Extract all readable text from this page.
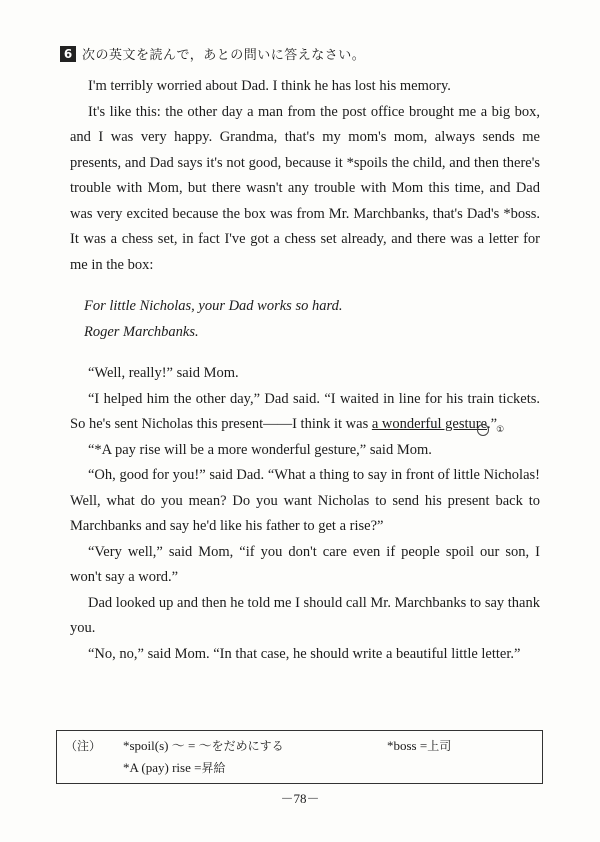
6 次の英文を読んで，あとの問いに答えなさい。

I'm terribly worried about Dad. I think he has lost his memory.

It's like this: the other day a man from the post office brought me a big box, and I was very happy. Grandma, that's my mom's mom, always sends me presents, and Dad says it's not good, because it *spoils the child, and then there's trouble with Mom, but there wasn't any trouble with Mom this time, and Dad was very excited because the box was from Mr. Marchbanks, that's Dad's *boss. It was a chess set, in fact I've got a chess set already, and there was a letter for me in the box:

For little Nicholas, your Dad works so hard.

Roger Marchbanks.

“Well, really!” said Mom.

“I helped him the other day,” Dad said. “I waited in line for his train tickets. So he's sent Nicholas this present——I think it was a wonderful gesture.”①

“*A pay rise will be a more wonderful gesture,” said Mom.

“Oh, good for you!” said Dad. “What a thing to say in front of little Nicholas! Well, what do you mean? Do you want Nicholas to send his present back to Marchbanks and say he'd like his father to get a rise?”

“Very well,” said Mom, “if you don't care even if people spoil our son, I won't say a word.”

Dad looked up and then he told me I should call Mr. Marchbanks to say thank you.

“No, no,” said Mom. “In that case, he should write a beautiful little letter.”

（注） *spoil(s) ～ = ～をだめにする	*boss =上司
*A (pay) rise =昇給
－78－
